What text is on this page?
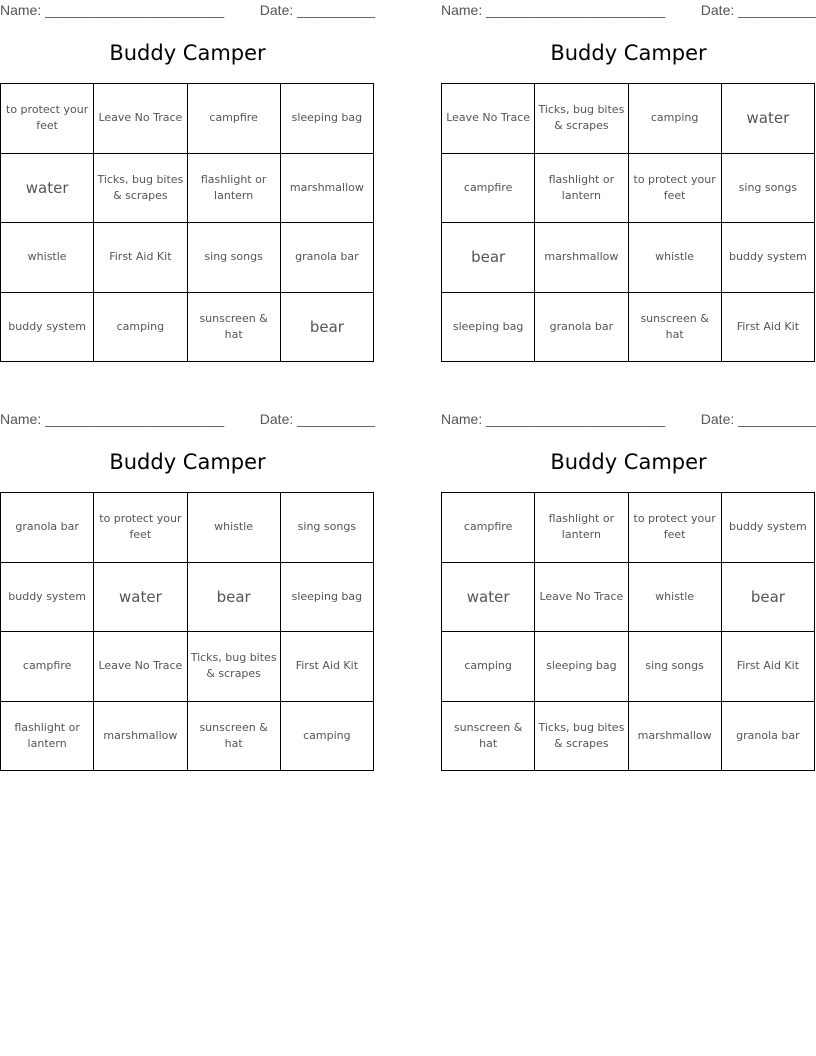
Name: _______________________	Date: __________
Buddy Camper
to protect your feet	Leave No Trace	campfire	sleeping bag
water	Ticks, bug bites & scrapes	flashlight or lantern	marshmallow
whistle	First Aid Kit	sing songs	granola bar
buddy system	camping	sunscreen & hat	bear
Name: _______________________	Date: __________
Buddy Camper
Leave No Trace	Ticks, bug bites & scrapes	camping	water
campfire	flashlight or lantern	to protect your feet	sing songs
bear	marshmallow	whistle	buddy system
sleeping bag	granola bar	sunscreen & hat	First Aid Kit
Name: _______________________	Date: __________
Buddy Camper
granola bar	to protect your feet	whistle	sing songs
buddy system	water	bear	sleeping bag
campfire	Leave No Trace	Ticks, bug bites & scrapes	First Aid Kit
flashlight or lantern	marshmallow	sunscreen & hat	camping
Name: _______________________	Date: __________
Buddy Camper
campfire	flashlight or lantern	to protect your feet	buddy system
water	Leave No Trace	whistle	bear
camping	sleeping bag	sing songs	First Aid Kit
sunscreen & hat	Ticks, bug bites & scrapes	marshmallow	granola bar
